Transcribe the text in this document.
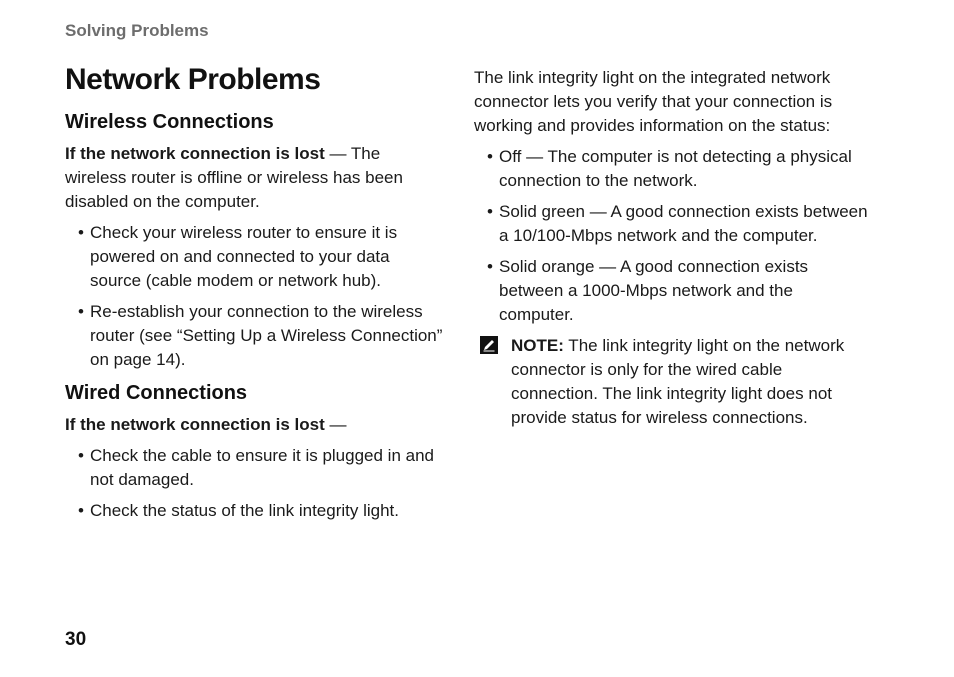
Solving Problems
Network Problems
Wireless Connections

If the network connection is lost — The wireless router is offline or wireless has been disabled on the computer.

• Check your wireless router to ensure it is powered on and connected to your data source (cable modem or network hub).
• Re-establish your connection to the wireless router (see “Setting Up a Wireless Connection” on page 14).
Wired Connections

If the network connection is lost —

• Check the cable to ensure it is plugged in and not damaged.
• Check the status of the link integrity light.

The link integrity light on the integrated network connector lets you verify that your connection is working and provides information on the status:

• Off — The computer is not detecting a physical connection to the network.
• Solid green — A good connection exists between a 10/100-Mbps network and the computer.
• Solid orange — A good connection exists between a 1000-Mbps network and the computer.

NOTE: The link integrity light on the network connector is only for the wired cable connection. The link integrity light does not provide status for wireless connections.

30
